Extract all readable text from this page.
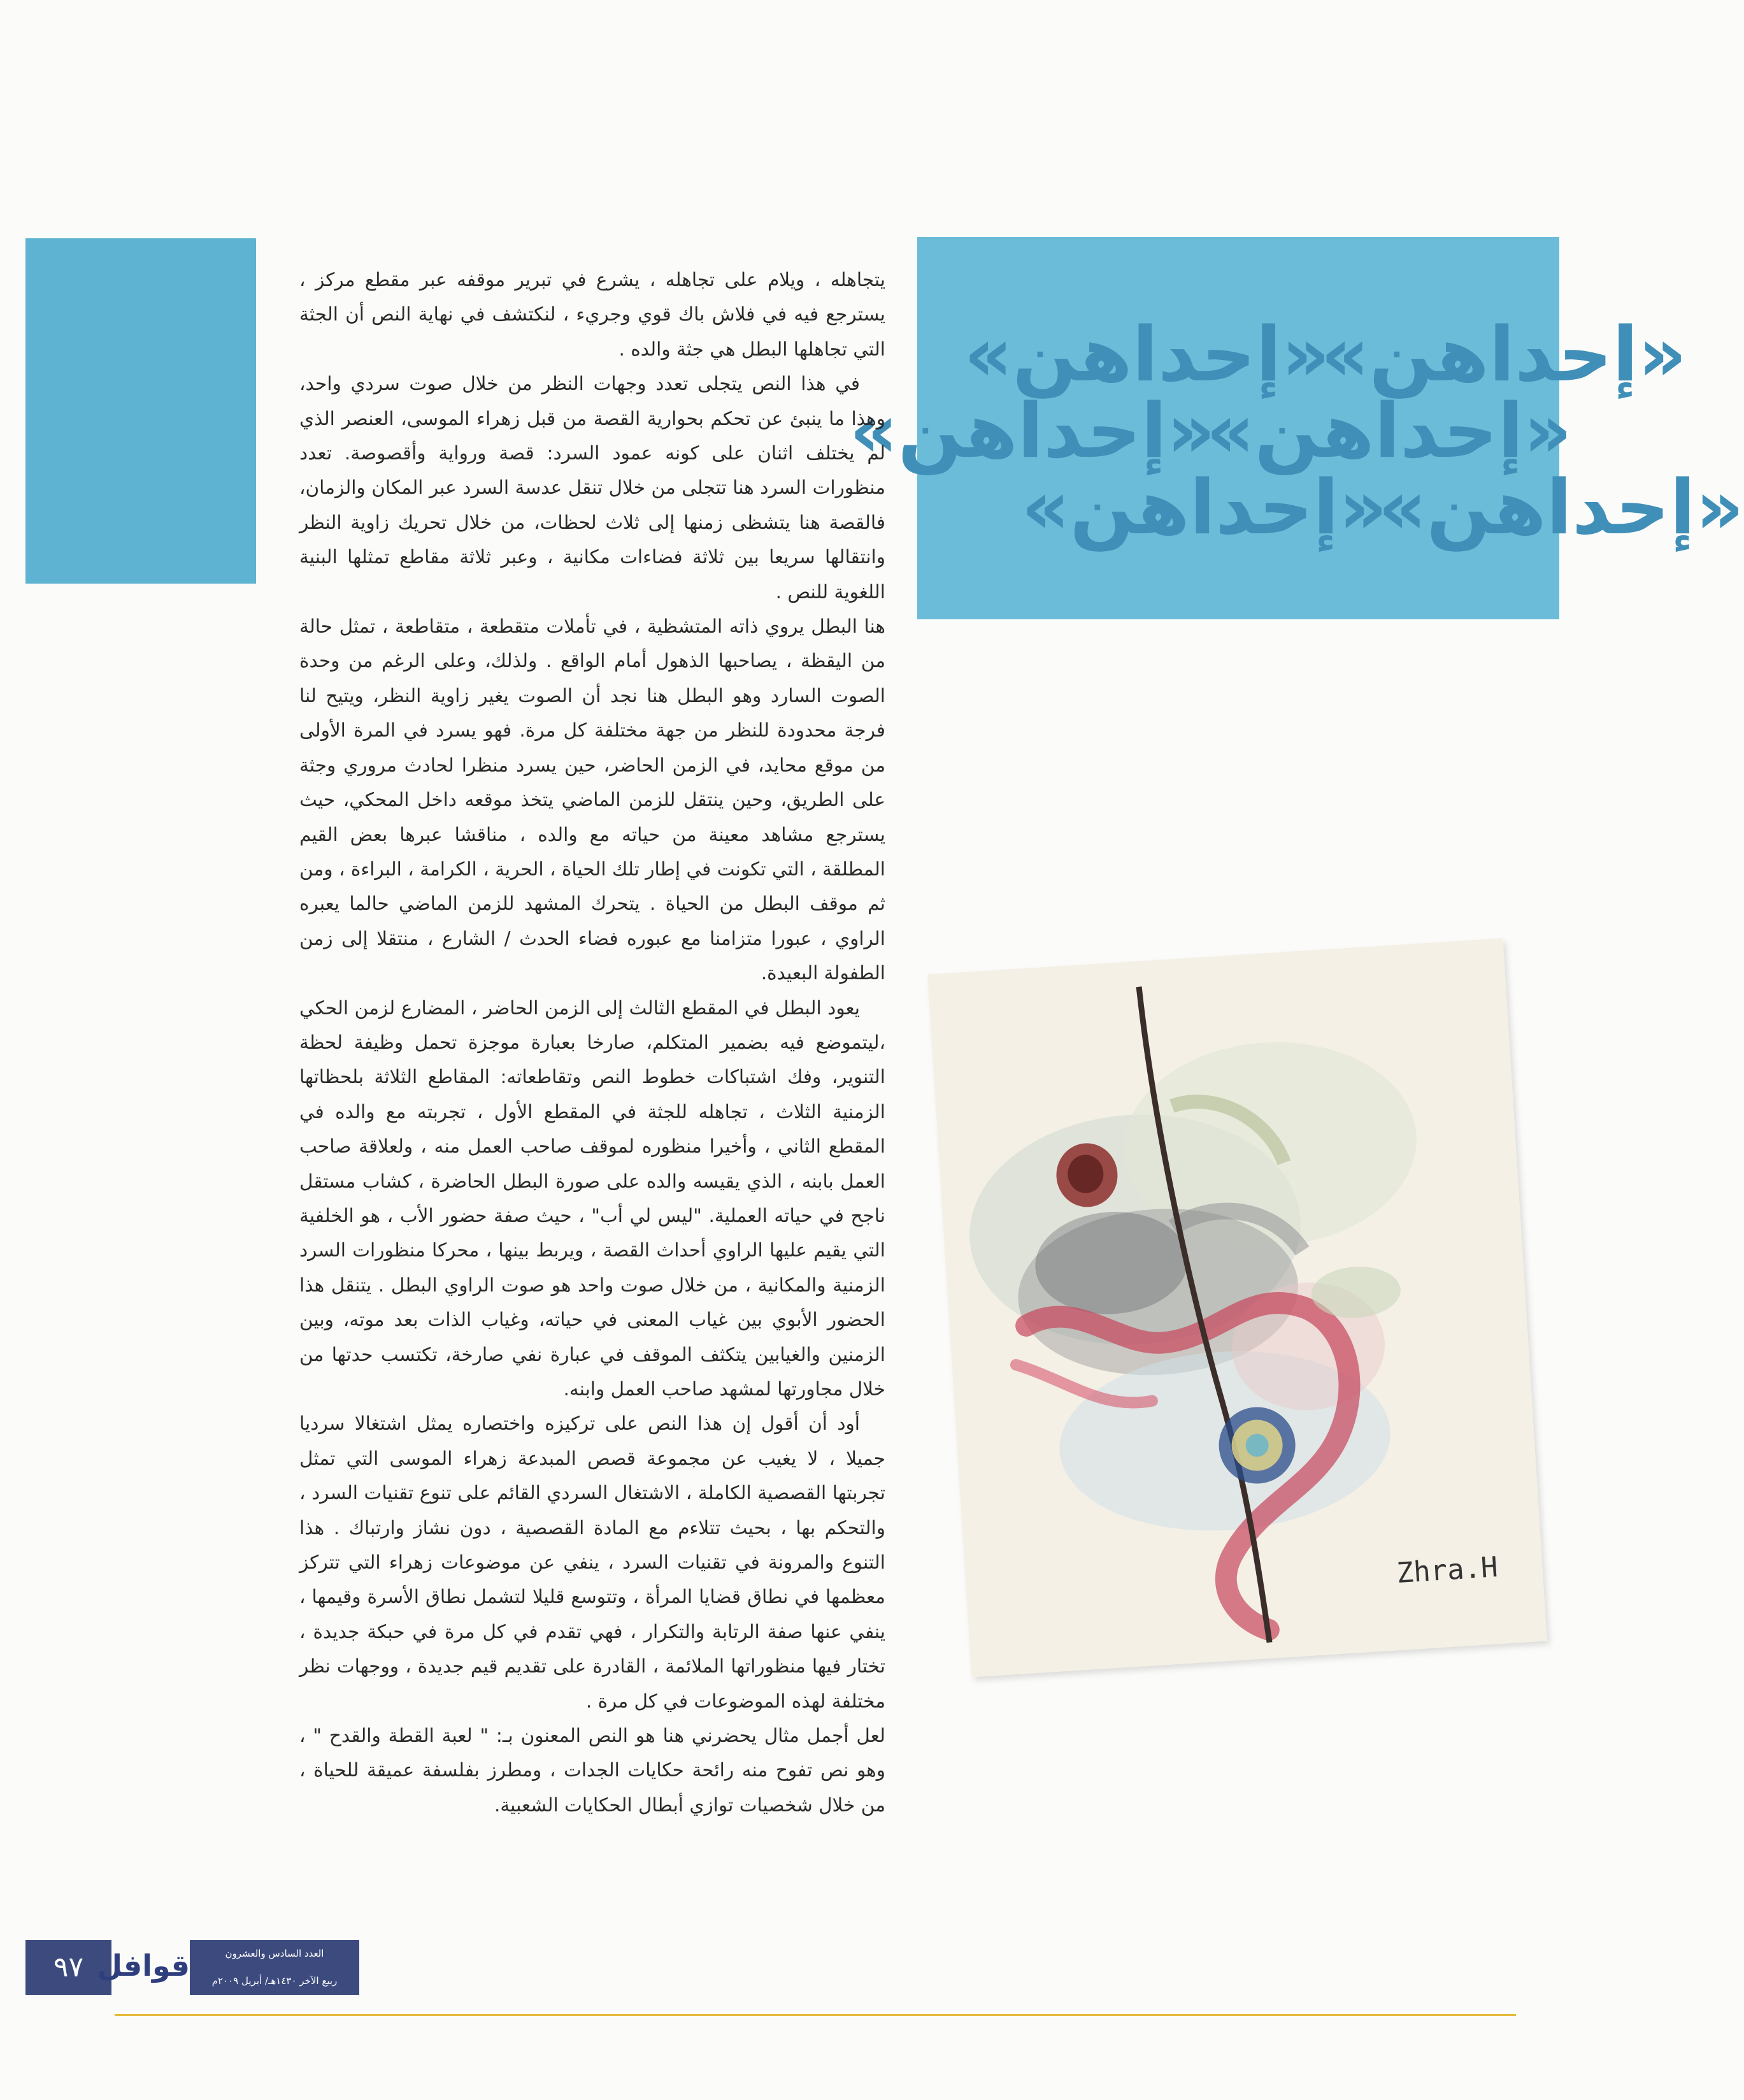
«إحداهن»
«إحداهن»
«إحداهن»
«إحداهن»
«إحداهن»
«إحداهن»

يتجاهله ، ويلام على تجاهله ، يشرع في تبرير موقفه عبر مقطع مركز ، يسترجع فيه في فلاش باك قوي وجريء ، لنكتشف في نهاية النص أن الجثة التي تجاهلها البطل هي جثة والده .

في هذا النص يتجلى تعدد وجهات النظر من خلال صوت سردي واحد، وهذا ما ينبئ عن تحكم بحوارية القصة من قبل زهراء الموسى، العنصر الذي لم يختلف اثنان على كونه عمود السرد: قصة ورواية وأقصوصة. تعدد منظورات السرد هنا تتجلى من خلال تنقل عدسة السرد عبر المكان والزمان، فالقصة هنا يتشظى زمنها إلى ثلاث لحظات، من خلال تحريك زاوية النظر وانتقالها سريعا بين ثلاثة فضاءات مكانية ، وعبر ثلاثة مقاطع تمثلها البنية اللغوية للنص .

هنا البطل يروي ذاته المتشظية ، في تأملات متقطعة ، متقاطعة ، تمثل حالة من اليقظة ، يصاحبها الذهول أمام الواقع . ولذلك، وعلى الرغم من وحدة الصوت السارد وهو البطل هنا نجد أن الصوت يغير زاوية النظر، ويتيح لنا فرجة محدودة للنظر من جهة مختلفة كل مرة. فهو يسرد في المرة الأولى من موقع محايد، في الزمن الحاضر، حين يسرد منظرا لحادث مروري وجثة على الطريق، وحين ينتقل للزمن الماضي يتخذ موقعه داخل المحكي، حيث يسترجع مشاهد معينة من حياته مع والده ، مناقشا عبرها بعض القيم المطلقة ، التي تكونت في إطار تلك الحياة ، الحرية ، الكرامة ، البراءة ، ومن ثم موقف البطل من الحياة . يتحرك المشهد للزمن الماضي حالما يعبره الراوي ، عبورا متزامنا مع عبوره فضاء الحدث / الشارع ، منتقلا إلى زمن الطفولة البعيدة.

يعود البطل في المقطع الثالث إلى الزمن الحاضر ، المضارع لزمن الحكي ،ليتموضع فيه بضمير المتكلم، صارخا بعبارة موجزة تحمل وظيفة لحظة التنوير، وفك اشتباكات خطوط النص وتقاطعاته: المقاطع الثلاثة بلحظاتها الزمنية الثلاث ، تجاهله للجثة في المقطع الأول ، تجربته مع والده في المقطع الثاني ، وأخيرا منظوره لموقف صاحب العمل منه ، ولعلاقة صاحب العمل بابنه ، الذي يقيسه والده على صورة البطل الحاضرة ، كشاب مستقل ناجح في حياته العملية. "ليس لي أب" ، حيث صفة حضور الأب ، هو الخلفية التي يقيم عليها الراوي أحداث القصة ، ويربط بينها ، محركا منظورات السرد الزمنية والمكانية ، من خلال صوت واحد هو صوت الراوي البطل . يتنقل هذا الحضور الأبوي بين غياب المعنى في حياته، وغياب الذات بعد موته، وبين الزمنين والغيابين يتكثف الموقف في عبارة نفي صارخة، تكتسب حدتها من خلال مجاورتها لمشهد صاحب العمل وابنه.

أود أن أقول إن هذا النص على تركيزه واختصاره يمثل اشتغالا سرديا جميلا ، لا يغيب عن مجموعة قصص المبدعة زهراء الموسى التي تمثل تجربتها القصصية الكاملة ، الاشتغال السردي القائم على تنوع تقنيات السرد ، والتحكم بها ، بحيث تتلاءم مع المادة القصصية ، دون نشاز وارتباك . هذا التنوع والمرونة في تقنيات السرد ، ينفي عن موضوعات زهراء التي تتركز معظمها في نطاق قضايا المرأة ، وتتوسع قليلا لتشمل نطاق الأسرة وقيمها ، ينفي عنها صفة الرتابة والتكرار ، فهي تقدم في كل مرة في حبكة جديدة ، تختار فيها منظوراتها الملائمة ، القادرة على تقديم قيم جديدة ، ووجهات نظر مختلفة لهذه الموضوعات في كل مرة .

لعل أجمل مثال يحضرني هنا هو النص المعنون بـ: " لعبة القطة والقدح " ، وهو نص تفوح منه رائحة حكايات الجدات ، ومطرز بفلسفة عميقة للحياة ، من خلال شخصيات توازي أبطال الحكايات الشعبية.

Zhra.H
٩٧ قوافل	العدد السادس والعشرون
ربيع الآخر ١٤٣٠هـ/ أبريل ٢٠٠٩م
